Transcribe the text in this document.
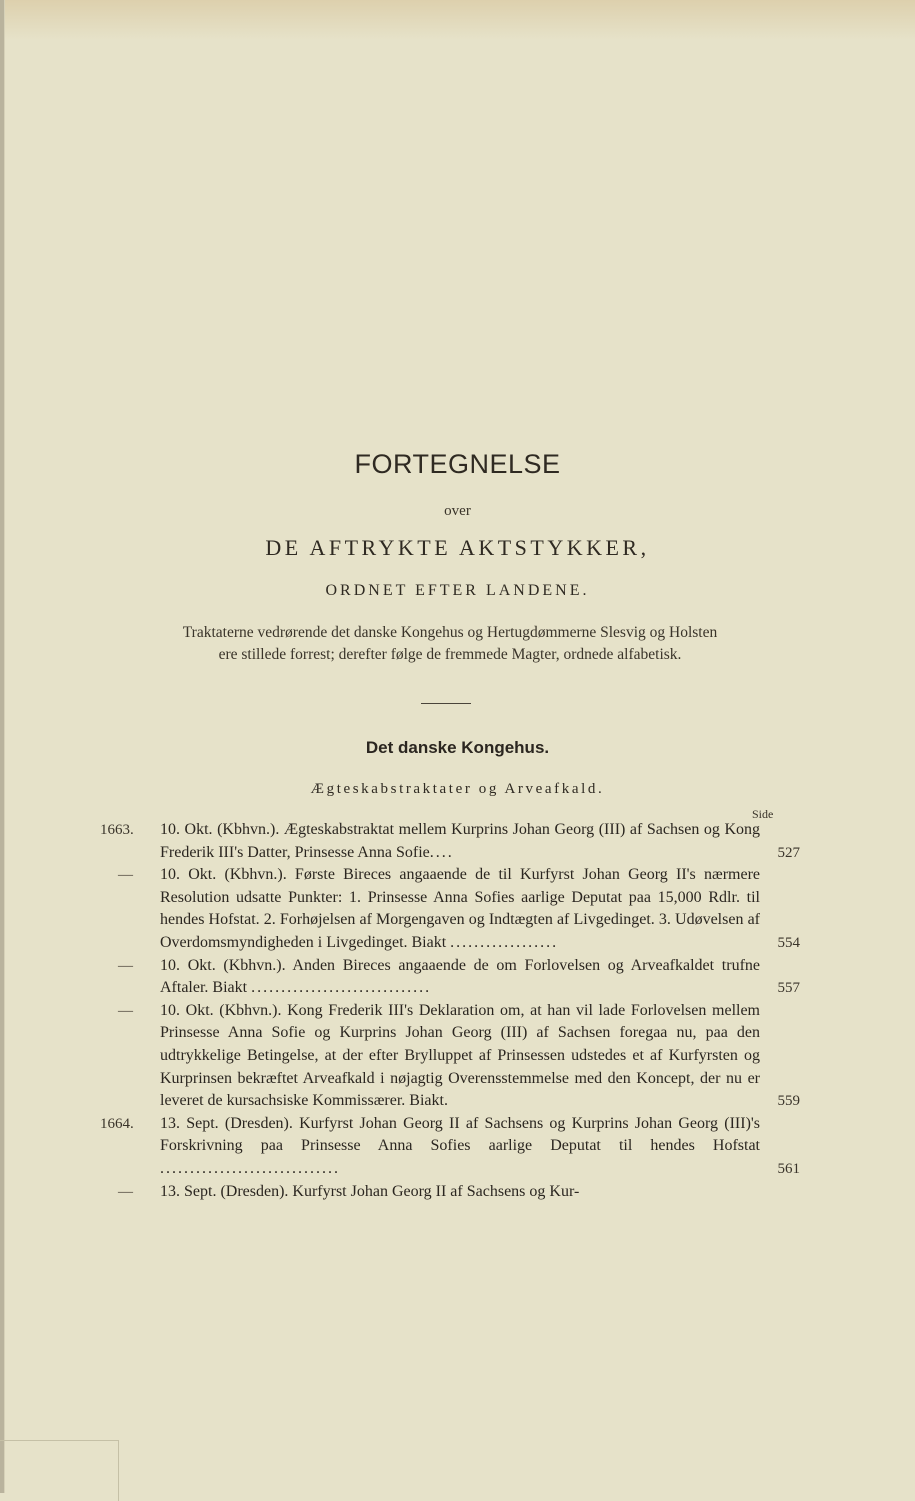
FORTEGNELSE
over
DE AFTRYKTE AKTSTYKKER,
ORDNET EFTER LANDENE.
Traktaterne vedrørende det danske Kongehus og Hertugdømmerne Slesvig og Holsten
ere stillede forrest; derefter følge de fremmede Magter, ordnede alfabetisk.
Det danske Kongehus.
Ægteskabstraktater og Arveafkald.
Side
1663.	10. Okt. (Kbhvn.). Ægteskabstraktat mellem Kurprins Johan Georg (III) af Sachsen og Kong Frederik III's Datter, Prinsesse Anna Sofie....	527
—	10. Okt. (Kbhvn.). Første Bireces angaaende de til Kurfyrst Johan Georg II's nærmere Resolution udsatte Punkter: 1. Prinsesse Anna Sofies aarlige Deputat paa 15,000 Rdlr. til hendes Hofstat. 2. Forhøjelsen af Morgengaven og Indtægten af Livgedinget. 3. Udøvelsen af Overdomsmyndigheden i Livgedinget. Biakt ..................	554
—	10. Okt. (Kbhvn.). Anden Bireces angaaende de om Forlovelsen og Arveafkaldet trufne Aftaler. Biakt ..............................	557
—	10. Okt. (Kbhvn.). Kong Frederik III's Deklaration om, at han vil lade Forlovelsen mellem Prinsesse Anna Sofie og Kurprins Johan Georg (III) af Sachsen foregaa nu, paa den udtrykkelige Betingelse, at der efter Brylluppet af Prinsessen udstedes et af Kurfyrsten og Kurprinsen bekræftet Arveafkald i nøjagtig Overensstemmelse med den Koncept, der nu er leveret de kursachsiske Kommissærer. Biakt.	559
1664.	13. Sept. (Dresden). Kurfyrst Johan Georg II af Sachsens og Kurprins Johan Georg (III)'s Forskrivning paa Prinsesse Anna Sofies aarlige Deputat til hendes Hofstat ..............................	561
—	13. Sept. (Dresden). Kurfyrst Johan Georg II af Sachsens og Kur-
